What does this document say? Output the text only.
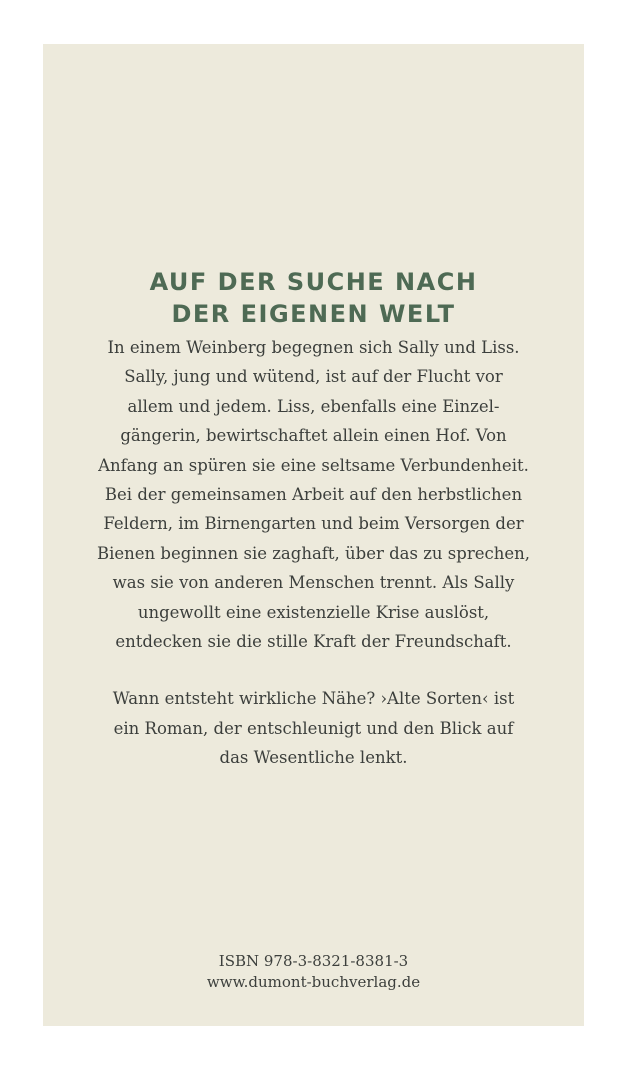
AUF DER SUCHE NACH
DER EIGENEN WELT
In einem Weinberg begegnen sich Sally und Liss.
Sally, jung und wütend, ist auf der Flucht vor
allem und jedem. Liss, ebenfalls eine Einzel-
gängerin, bewirtschaftet allein einen Hof. Von
Anfang an spüren sie eine seltsame Verbundenheit.
Bei der gemeinsamen Arbeit auf den herbstlichen
Feldern, im Birnengarten und beim Versorgen der
Bienen beginnen sie zaghaft, über das zu sprechen,
was sie von anderen Menschen trennt. Als Sally
ungewollt eine existenzielle Krise auslöst,
entdecken sie die stille Kraft der Freundschaft.
Wann entsteht wirkliche Nähe? ›Alte Sorten‹ ist
ein Roman, der entschleunigt und den Blick auf
das Wesentliche lenkt.
ISBN 978-3-8321-8381-3
www.dumont-buchverlag.de
